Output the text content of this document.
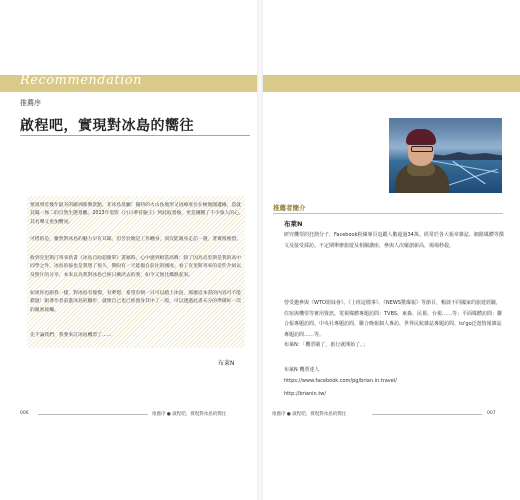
Recommendation
推薦序
啟程吧，實現對冰島的嚮往
要說到近幾年最夯的歐洲新興景點，非冰島莫屬！獨特的火山島地形又因緯度位在極地圈邊緣，造就其獨一無二的自然生態景觀。2013年電影《白日夢冒險王》到此取景後，更是擄獲了不少旅人的心，其名聲又更加響亮。
可惜的是，雖然對冰島的魅力早有耳聞，但苦於總是工作纏身，而沒能親身走訪一趟，著實很惋惜。
收到克里斯汀寄來新書《冰島自助超簡單》書稿時，心中感到相當高興：除了因為克里斯是我的高中同學之外，冰島的報也是我想了很久、期盼有一天能親自前往的國度。看了克里斯寄來的這些介紹以及照片的分享，本來以為我對冰島已經日漸淡去的愛，如今又無比熾熱起來。
如果你也跟我一樣，對冰島有憧憬，有夢想，希望有朝一日可以踏上冰島，那麼這本書的內容可不能錯過！跟著作者前進冰島的腳步，就像自己也已經置身其中了一般，可以透過此書充分的準備好一次的親密接觸。
先不論我們，我要來訂冰島機票了……
布萊N
推薦者簡介
布萊N
研究機票的狂熱分子，Facebook粉絲專頁追蹤人數超過34萬。經常於各大報章雜誌、網路媒體等撰文及接受採訪。不定期舉辦旅遊及相關講座，參與人次屢創新高，場場秒殺。
曾受邀參與《WTO姐妹會》、《上班這檔事》、《NEWS驚爆報》等節目，暢談不同國家的旅遊經驗，住宿與機票等實用資訊。電視媒體專題訪問：TVBS、東森、民視、台視……等；平面媒體訪問：聯合報專題訪問、中央社專題訪問、聯合晚報個人專訪、世界民航雜誌專題訪問、to'go泛遊情報雜誌專題訪問……等。
布萊N：「機票刷了，旅行就開始了。」
布萊N 機票達人
https://www.facebook.com/pg/brian.in.travel/
http://brianin.tw/
006	推薦序 ● 啟程吧，實現對冰島的嚮往	推薦序 ● 啟程吧，實現對冰島的嚮往	007
